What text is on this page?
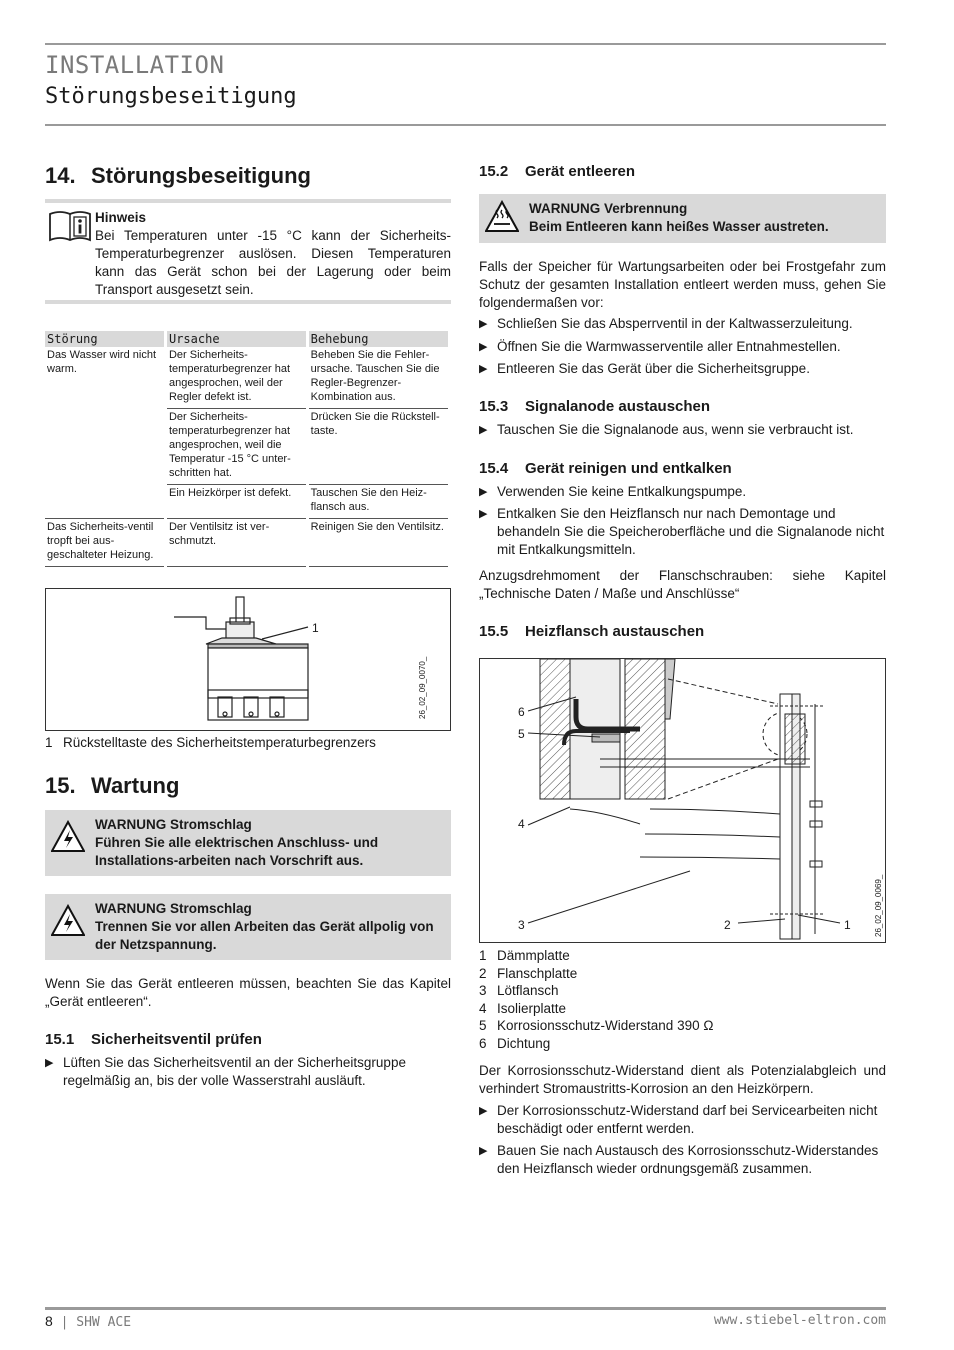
INSTALLATION
Störungsbeseitigung
14. Störungsbeseitigung
Hinweis
Bei Temperaturen unter -15 °C kann der Sicherheits-Temperaturbegrenzer auslösen. Diesen Temperaturen kann das Gerät schon bei der Lagerung oder beim Transport ausgesetzt sein.
Störung	Ursache	Behebung
Das Wasser wird nicht warm.	Der Sicherheits-temperaturbegrenzer hat angesprochen, weil der Regler defekt ist.	Beheben Sie die Fehler-ursache. Tauschen Sie die Regler-Begrenzer-Kombination aus.
	Der Sicherheits-temperaturbegrenzer hat angesprochen, weil die Temperatur -15 °C unter-schritten hat.	Drücken Sie die Rückstell-taste.
	Ein Heizkörper ist defekt.	Tauschen Sie den Heiz-flansch aus.
Das Sicherheits-ventil tropft bei aus-geschalteter Heizung.	Der Ventilsitz ist ver-schmutzt.	Reinigen Sie den Ventilsitz.
1
26_02_09_0070_
1 Rückstelltaste des Sicherheitstemperaturbegrenzers
15. Wartung
WARNUNG Stromschlag
Führen Sie alle elektrischen Anschluss- und Installations-arbeiten nach Vorschrift aus.
WARNUNG Stromschlag
Trennen Sie vor allen Arbeiten das Gerät allpolig von der Netzspannung.
Wenn Sie das Gerät entleeren müssen, beachten Sie das Kapitel „Gerät entleeren“.
15.1 Sicherheitsventil prüfen
▶ Lüften Sie das Sicherheitsventil an der Sicherheitsgruppe regelmäßig an, bis der volle Wasserstrahl ausläuft.
15.2 Gerät entleeren
WARNUNG Verbrennung
Beim Entleeren kann heißes Wasser austreten.
Falls der Speicher für Wartungsarbeiten oder bei Frostgefahr zum Schutz der gesamten Installation entleert werden muss, gehen Sie folgendermaßen vor:
▶ Schließen Sie das Absperrventil in der Kaltwasserzuleitung.
▶ Öffnen Sie die Warmwasserventile aller Entnahmestellen.
▶ Entleeren Sie das Gerät über die Sicherheitsgruppe.
15.3 Signalanode austauschen
▶ Tauschen Sie die Signalanode aus, wenn sie verbraucht ist.
15.4 Gerät reinigen und entkalken
▶ Verwenden Sie keine Entkalkungspumpe.
▶ Entkalken Sie den Heizflansch nur nach Demontage und behandeln Sie die Speicheroberfläche und die Signalanode nicht mit Entkalkungsmitteln.
Anzugsdrehmoment der Flanschschrauben: siehe Kapitel „Technische Daten / Maße und Anschlüsse“
15.5 Heizflansch austauschen
6
5
4
3	2	1	26_02_09_0069_
1 Dämmplatte
2 Flanschplatte
3 Lötflansch
4 Isolierplatte
5 Korrosionsschutz-Widerstand 390 Ω
6 Dichtung
Der Korrosionsschutz-Widerstand dient als Potenzialabgleich und verhindert Stromaustritts-Korrosion an den Heizkörpern.
▶ Der Korrosionsschutz-Widerstand darf bei Servicearbeiten nicht beschädigt oder entfernt werden.
▶ Bauen Sie nach Austausch des Korrosionsschutz-Widerstandes den Heizflansch wieder ordnungsgemäß zusammen.
8 | SHW ACE	www.stiebel-eltron.com
